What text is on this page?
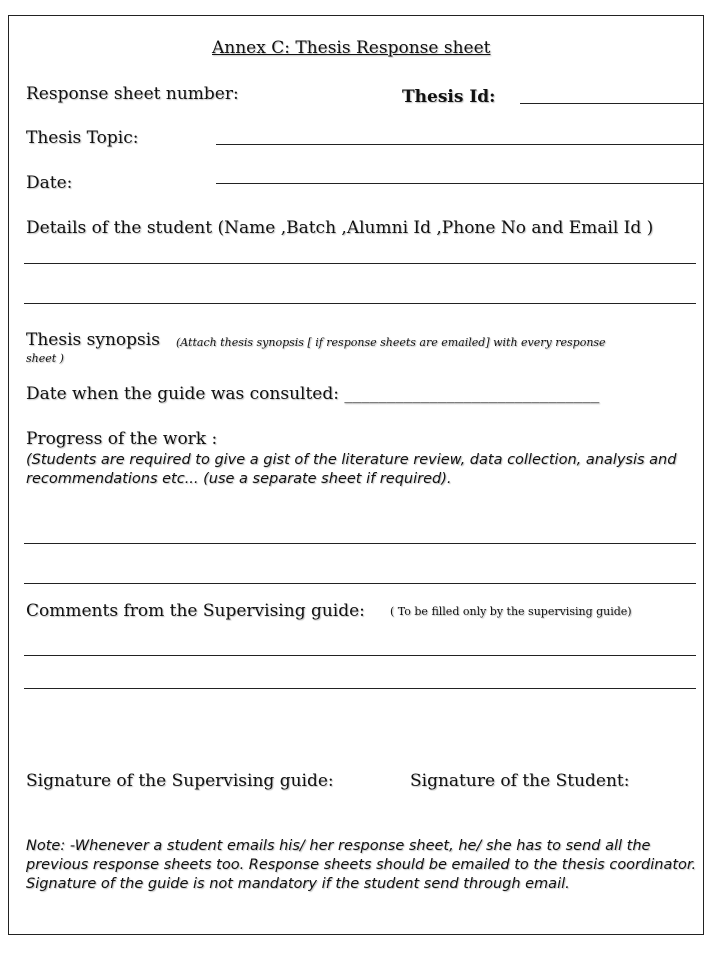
Annex C: Thesis Response sheet
Response sheet number:	Thesis Id:
Thesis Topic:
Date:
Details of the student (Name ,Batch ,Alumni Id ,Phone No and Email Id )
Thesis synopsis (Attach thesis synopsis [ if response sheets are emailed] with every response
sheet )
Date when the guide was consulted: ______________________________
Progress of the work :
(Students are required to give a gist of the literature review, data collection, analysis and recommendations etc... (use a separate sheet if required).
Comments from the Supervising guide: ( To be filled only by the supervising guide)
Signature of the Supervising guide:	Signature of the Student:
Note: -Whenever a student emails his/ her response sheet, he/ she has to send all the previous response sheets too. Response sheets should be emailed to the thesis coordinator. Signature of the guide is not mandatory if the student send through email.
